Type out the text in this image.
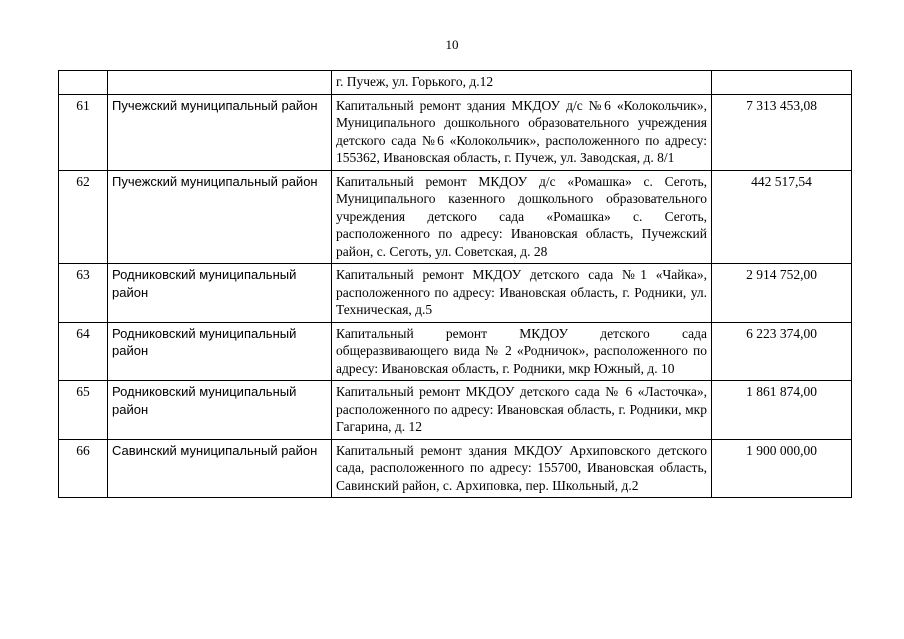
10
		г. Пучеж, ул. Горького, д.12	
61	Пучежский муниципальный район	Капитальный ремонт здания МКДОУ д/с №6 «Колокольчик», Муниципального дошкольного образовательного учреждения детского сада №6 «Колокольчик», расположенного по адресу: 155362, Ивановская область, г. Пучеж, ул. Заводская, д. 8/1	7 313 453,08
62	Пучежский муниципальный район	Капитальный ремонт МКДОУ д/с «Ромашка» с. Сеготь, Муниципального казенного дошкольного образовательного учреждения детского сада «Ромашка» с. Сеготь, расположенного по адресу: Ивановская область, Пучежский район, с. Сеготь, ул. Советская, д. 28	442 517,54
63	Родниковский муниципальный район	Капитальный ремонт МКДОУ детского сада №1 «Чайка», расположенного по адресу: Ивановская область, г. Родники, ул. Техническая, д.5	2 914 752,00
64	Родниковский муниципальный район	Капитальный ремонт МКДОУ детского сада общеразвивающего вида № 2 «Родничок», расположенного по адресу: Ивановская область, г. Родники, мкр Южный, д. 10	6 223 374,00
65	Родниковский муниципальный район	Капитальный ремонт МКДОУ детского сада № 6 «Ласточка», расположенного по адресу: Ивановская область, г. Родники, мкр Гагарина, д. 12	1 861 874,00
66	Савинский муниципальный район	Капитальный ремонт здания МКДОУ Архиповского детского сада, расположенного по адресу: 155700, Ивановская область, Савинский район, с. Архиповка, пер. Школьный, д.2	1 900 000,00
